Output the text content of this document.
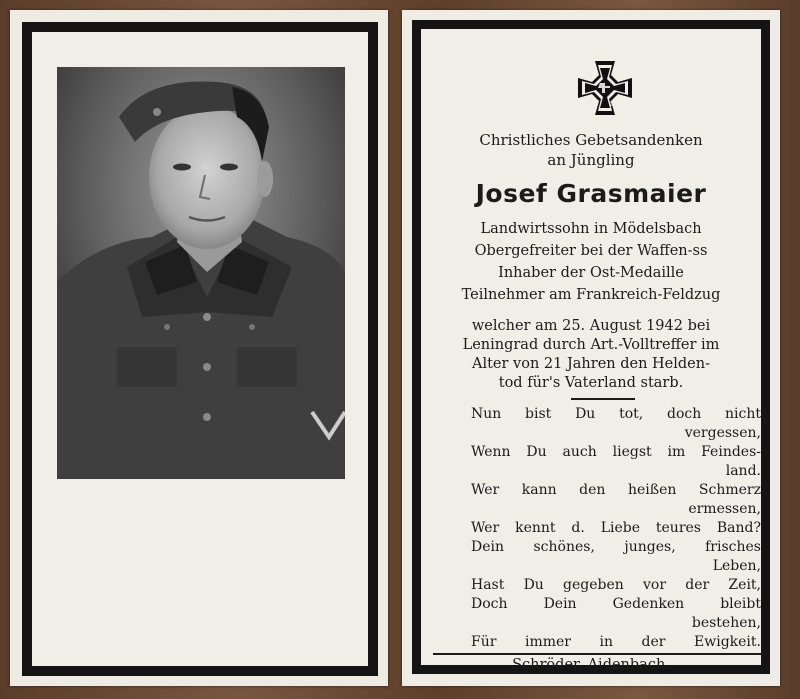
1939
Christliches Gebetsandenken
an Jüngling
Josef Grasmaier
Landwirtssohn in Mödelsbach
Obergefreiter bei der Waffen-ss
Inhaber der Ost-Medaille
Teilnehmer am Frankreich-Feldzug
welcher am 25. August 1942 bei
Leningrad durch Art.-Volltreffer im
Alter von 21 Jahren den Helden-
tod für's Vaterland starb.
Nun bist Du tot, doch nicht
vergessen,
Wenn Du auch liegst im Feindes-
land.
Wer kann den heißen Schmerz
ermessen,
Wer kennt d. Liebe teures Band?
Dein schönes, junges, frisches
Leben,
Hast Du gegeben vor der Zeit,
Doch Dein Gedenken bleibt
bestehen,
Für immer in der Ewigkeit.
Schröder, Aidenbach.
